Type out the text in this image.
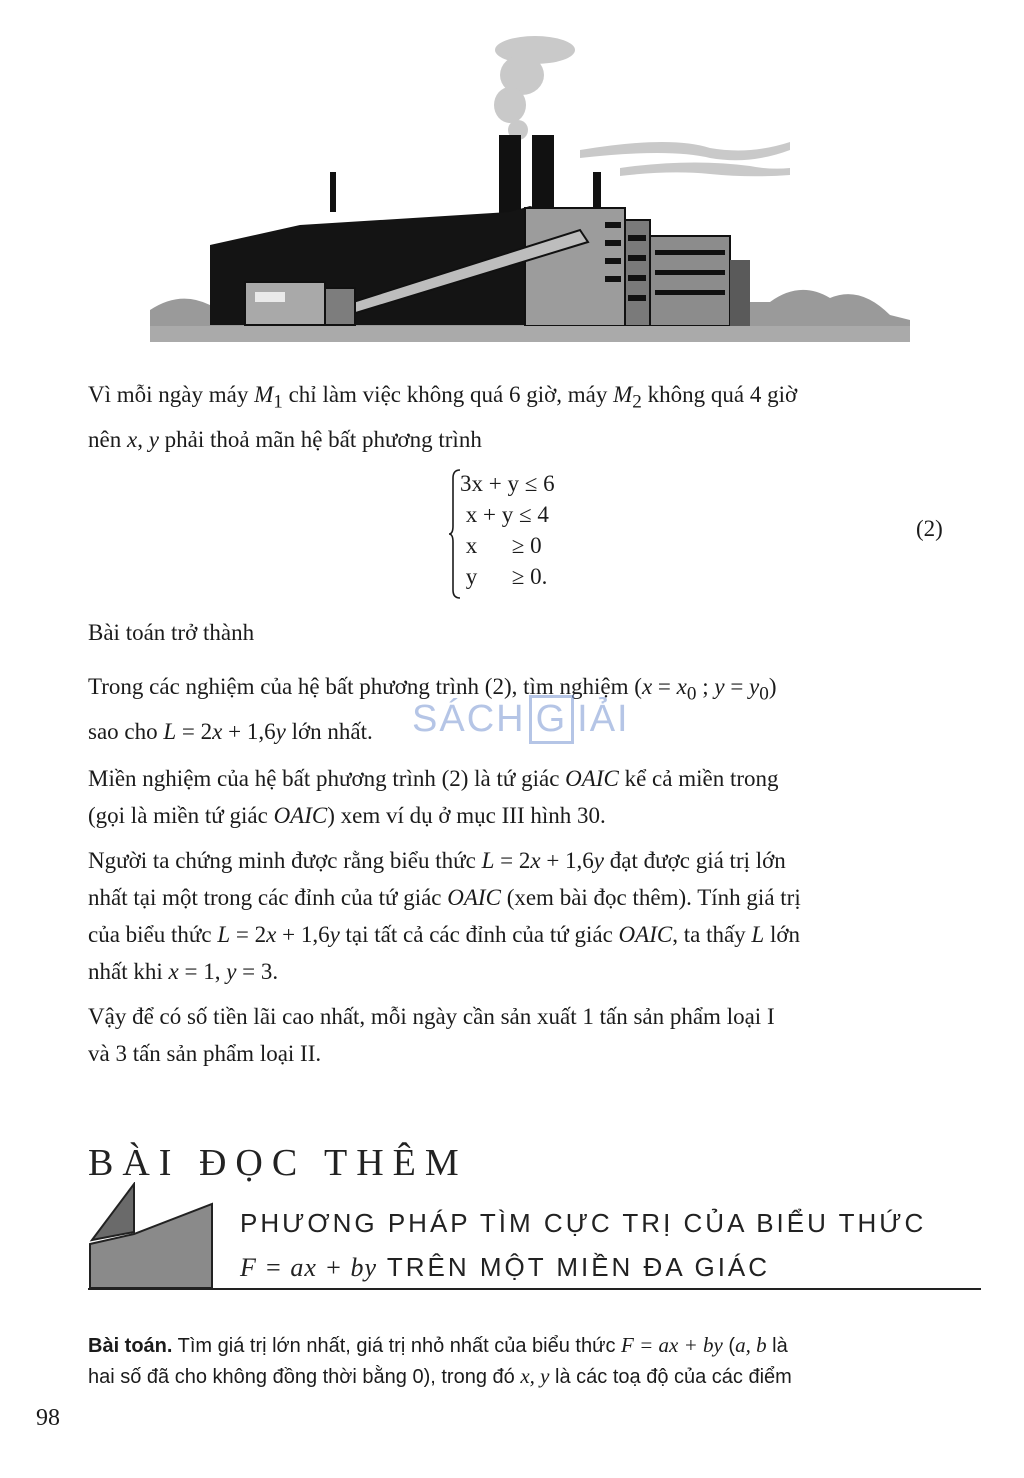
Vì mỗi ngày máy $M_1$ chỉ làm việc không quá 6 giờ, máy $M_2$ không quá 4 giờ
nên x, y phải thoả mãn hệ bất phương trình
3x + y ≤ 6
x + y ≤ 4
x      ≥ 0
y      ≥ 0.
(2)
Bài toán trở thành
Trong các nghiệm của hệ bất phương trình (2), tìm nghiệm ($x = x_0$ ; $y = y_0$)
sao cho L = 2x + 1,6y lớn nhất.	SÁCH G IẢI
Miền nghiệm của hệ bất phương trình (2) là tứ giác OAIC kể cả miền trong
(gọi là miền tứ giác OAIC) xem ví dụ ở mục III hình 30.
Người ta chứng minh được rằng biểu thức L = 2x + 1,6y đạt được giá trị lớn
nhất tại một trong các đỉnh của tứ giác OAIC (xem bài đọc thêm). Tính giá trị
của biểu thức L = 2x + 1,6y tại tất cả các đỉnh của tứ giác OAIC, ta thấy L lớn
nhất khi x = 1, y = 3.
Vậy để có số tiền lãi cao nhất, mỗi ngày cần sản xuất 1 tấn sản phẩm loại I
và 3 tấn sản phẩm loại II.
BÀI ĐỌC THÊM
PHƯƠNG PHÁP TÌM CỰC TRỊ CỦA BIỂU THỨC
F = ax + by TRÊN MỘT MIỀN ĐA GIÁC
Bài toán. Tìm giá trị lớn nhất, giá trị nhỏ nhất của biểu thức F = ax + by (a, b là
hai số đã cho không đồng thời bằng 0), trong đó x, y là các toạ độ của các điểm
98
